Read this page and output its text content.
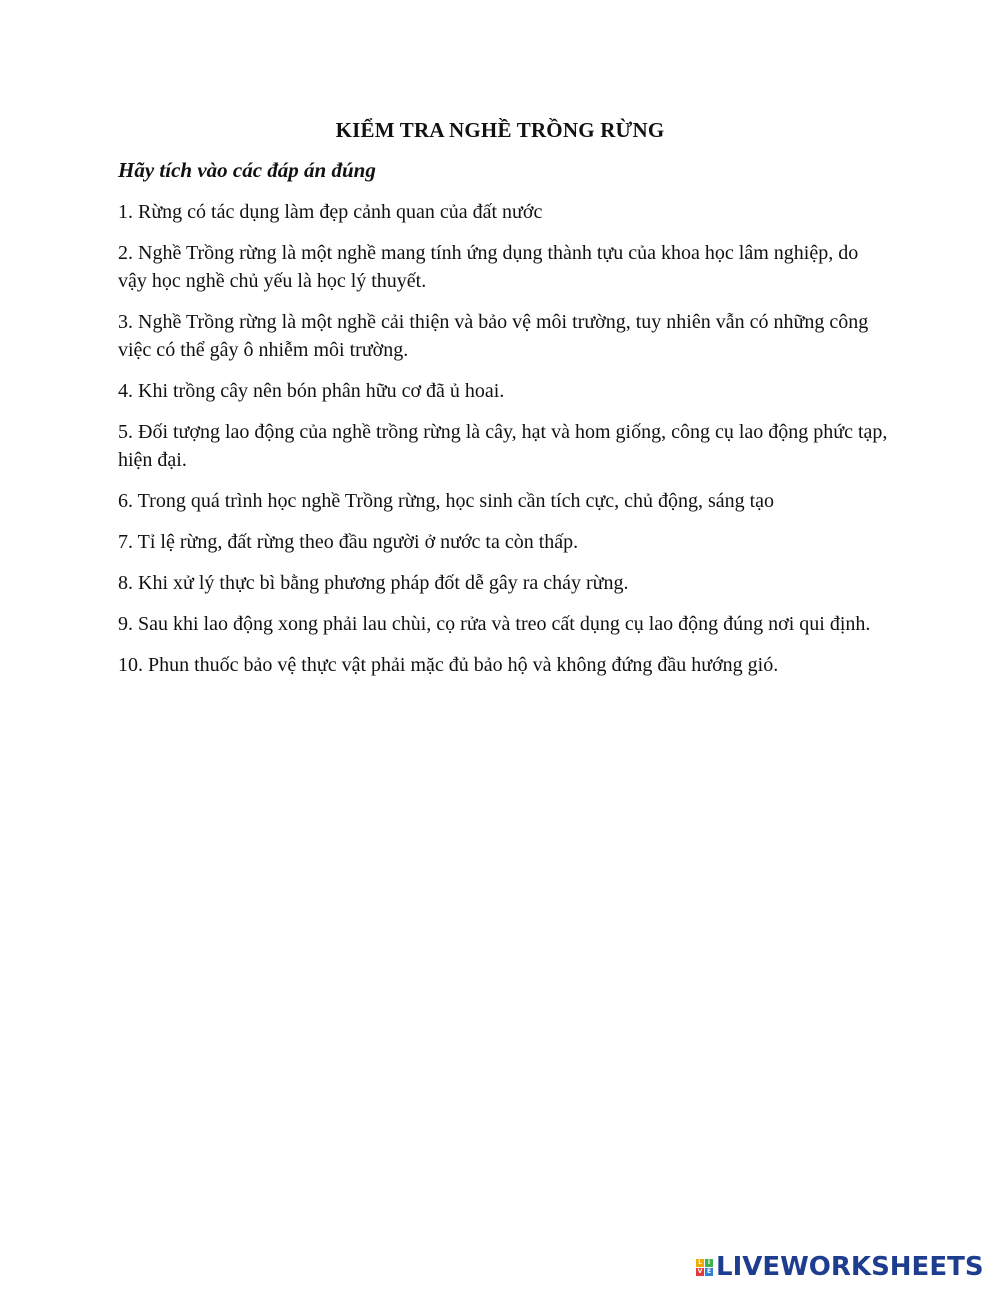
KIỂM TRA NGHỀ TRỒNG RỪNG
Hãy tích vào các đáp án đúng
1. Rừng có tác dụng làm đẹp cảnh quan của đất nước
2. Nghề Trồng rừng là một nghề mang tính ứng dụng thành tựu của khoa học lâm nghiệp, do vậy học nghề chủ yếu là học lý thuyết.
3. Nghề Trồng rừng là một nghề cải thiện và bảo vệ môi trường, tuy nhiên vẫn có những công việc có thể gây ô nhiễm môi trường.
4. Khi trồng cây nên bón phân hữu cơ đã ủ hoai.
5. Đối tượng lao động của nghề trồng rừng là cây, hạt và hom giống, công cụ lao động phức tạp, hiện đại.
6. Trong quá trình học nghề Trồng rừng, học sinh cần tích cực, chủ động, sáng tạo
7. Tỉ lệ rừng, đất rừng theo đầu người ở nước ta còn thấp.
8. Khi xử lý thực bì bằng phương pháp đốt dễ gây ra cháy rừng.
9. Sau khi lao động xong phải lau chùi, cọ rửa và treo cất dụng cụ lao động đúng nơi qui định.
10. Phun thuốc bảo vệ thực vật phải mặc đủ bảo hộ và không đứng đầu hướng gió.
L I
V E LIVEWORKSHEETS
